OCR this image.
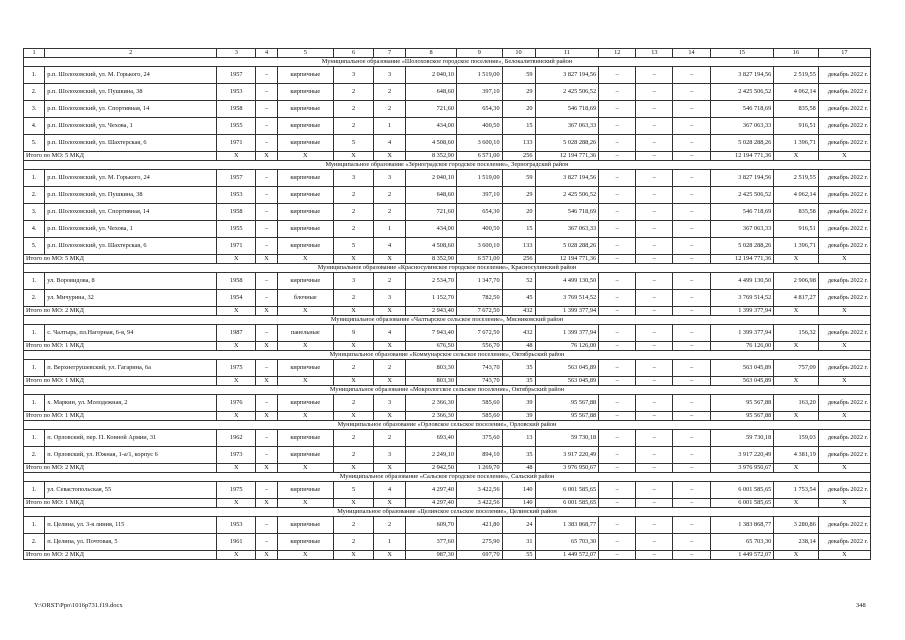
1	2	3	4	5	6	7	8	9	10	11	12	13	14	15	16	17
Муниципальное образование «Шолоховское городское поселение», Белокалитвинский район																
1.	р.п. Шолоховский, ул. М. Горького, 24	1957	–	кирпичные	3	3	2 040,10	1 519,00	59	3 827 194,56	–	–	–	3 827 194,56	2 519,55	декабрь 2022 г.
2.	р.п. Шолоховский, ул. Пушкина, 38	1953	–	кирпичные	2	2	648,60	397,10	29	2 425 506,52	–	–	–	2 425 506,52	4 062,14	декабрь 2022 г.
3.	р.п. Шолоховский, ул. Спортивная, 14	1958	–	кирпичные	2	2	721,60	654,30	20	546 718,69	–	–	–	546 718,69	835,58	декабрь 2022 г.
4.	р.п. Шолоховский, ул. Чехова, 1	1955	–	кирпичные	2	1	434,00	400,50	15	367 063,33	–	–	–	367 063,33	916,51	декабрь 2022 г.
5.	р.п. Шолоховский, ул. Шахтерская, 6	1971	–	кирпичные	5	4	4 508,60	3 600,10	133	5 028 288,26	–	–	–	5 028 288,26	1 396,71	декабрь 2022 г.
Итого по МО: 5 МКД		X	X	X	X	X	8 352,90	6 571,00	256	12 194 771,36	–	–	–	12 194 771,36	X	X
Муниципальное образование «Зерноградское городское поселение», Зерноградский район																
1.	р.п. Шолоховский, ул. М. Горького, 24	1957	–	кирпичные	3	3	2 040,10	1 519,00	59	3 827 194,56	–	–	–	3 827 194,56	2 519,55	декабрь 2022 г.
2.	р.п. Шолоховский, ул. Пушкина, 38	1953	–	кирпичные	2	2	648,60	397,10	29	2 425 506,52	–	–	–	2 425 506,52	4 062,14	декабрь 2022 г.
3.	р.п. Шолоховский, ул. Спортивная, 14	1958	–	кирпичные	2	2	721,60	654,30	20	546 718,69	–	–	–	546 718,69	835,58	декабрь 2022 г.
4.	р.п. Шолоховский, ул. Чехова, 1	1955	–	кирпичные	2	1	434,00	400,50	15	367 063,33	–	–	–	367 063,33	916,51	декабрь 2022 г.
5.	р.п. Шолоховский, ул. Шахтерская, 6	1971	–	кирпичные	5	4	4 508,60	3 600,10	133	5 028 288,26	–	–	–	5 028 288,26	1 396,71	декабрь 2022 г.
Итого по МО: 5 МКД		X	X	X	X	X	8 352,90	6 571,00	256	12 194 771,36	–	–	–	12 194 771,36	X	X
Муниципальное образование «Красносулинское городское поселение», Красносулинский район																
1.	ул. Воровидова, 8	1958	–	кирпичные	3	2	2 534,70	1 347,70	52	4 499 130,50	–	–	–	4 499 130,50	2 906,98	декабрь 2022 г.
2.	ул. Мичурина, 32	1954	–	блочные	2	3	1 152,70	782,50	45	3 769 514,52	–	–	–	3 769 514,52	4 817,27	декабрь 2022 г.
Итого по МО: 2 МКД		X	X	X	X	X	2 943,40	7 672,50	432	1 399 377,94	–	–	–	1 399 377,94	X	X
Муниципальное образование «Чалтырское сельское поселение», Мясниковский район																
1.	с. Чалтырь, пл.Нагорная, 6-я, 94	1987	–	панельные	9	4	7 943,40	7 672,50	432	1 399 377,94	–	–	–	1 399 377,94	156,32	декабрь 2022 г.
Итого по МО: 1 МКД		X	X	X	X	X	676,50	556,70	48	76 126,00	–	–	–	76 126,00	X	X
Муниципальное образование «Коммунарское сельское поселение», Октябрьский район																
1.	п. Верхнегрушевский, ул. Гагарина, 6а	1975	–	кирпичные	2	2	803,30	743,70	35	563 045,89	–	–	–	563 045,89	757,09	декабрь 2022 г.
Итого по МО: 1 МКД		X	X	X	X	X	803,30	743,70	35	563 045,89	–	–	–	563 045,89	X	X
Муниципальное образование «Мокрологское сельское поселение», Октябрьский район																
1.	х. Маркин, ул. Молодежная, 2	1976	–	кирпичные	2	3	2 366,30	585,60	39	95 567,88	–	–	–	95 567,88	163,20	декабрь 2022 г.
Итого по МО: 1 МКД		X	X	X	X	X	2 366,30	585,60	39	95 567,88	–	–	–	95 567,88	X	X
Муниципальное образование «Орловское сельское поселение», Орловский район																
1.	п. Орловский, пер. П. Конной Армии, 31	1962	–	кирпичные	2	2	693,40	375,60	13	59 730,18	–	–	–	59 730,18	159,03	декабрь 2022 г.
2.	п. Орловский, ул. Южная, 1-а/1, корпус 6	1973	–	кирпичные	2	3	2 249,10	894,10	35	3 917 220,49	–	–	–	3 917 220,49	4 381,19	декабрь 2022 г.
Итого по МО: 2 МКД		X	X	X	X	X	2 942,50	1 269,70	48	3 976 950,67	–	–	–	3 976 950,67	X	X
Муниципальное образование «Сальское городское поселение», Сальский район																
1.	ул. Севастопольская, 55	1975	–	кирпичные	5	4	4 297,40	3 422,56	140	6 001 585,65	–	–	–	6 001 585,65	1 753,54	декабрь 2022 г.
Итого по МО: 1 МКД		X	X	X	X	X	4 297,40	3 422,56	140	6 001 585,65	–	–	–	6 001 585,65	X	X
Муниципальное образование «Целинское сельское поселение», Целинский район																
1.	п. Целина, ул. 3-я линия, 115	1953	–	кирпичные	2	2	609,70	421,80	24	1 383 868,77	–	–	–	1 383 868,77	3 280,86	декабрь 2022 г.
2.	п. Целина, ул. Почтовая, 5	1961	–	кирпичные	2	1	377,60	275,90	31	65 703,30	–	–	–	65 703,30	238,14	декабрь 2022 г.
Итого по МО: 2 МКД		X	X	X	X	X	987,30	697,70	55	1 449 572,07	–	–	–	1 449 572,07	X	X
Y:\ORST\Ppo\1016p731.f19.docx	348
